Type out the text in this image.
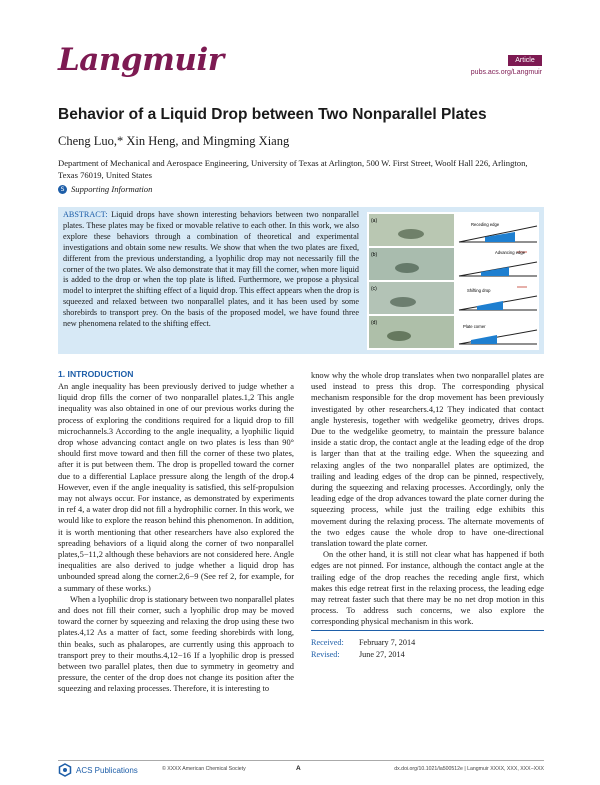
Langmuir	Article
pubs.acs.org/Langmuir
Behavior of a Liquid Drop between Two Nonparallel Plates
Cheng Luo,* Xin Heng, and Mingming Xiang
Department of Mechanical and Aerospace Engineering, University of Texas at Arlington, 500 W. First Street, Woolf Hall 226, Arlington, Texas 76019, United States
S Supporting Information
ABSTRACT: Liquid drops have shown interesting behaviors between two nonparallel plates. These plates may be fixed or movable relative to each other. In this work, we also explore these behaviors through a combination of theoretical and experimental investigations and obtain some new results. We show that when the two plates are fixed, different from the previous understanding, a lyophilic drop may not necessarily fill the corner of the two plates. We also demonstrate that it may fill the corner, when more liquid is added to the drop or when the top plate is lifted. Furthermore, we propose a physical model to interpret the shifting effect of a liquid drop. This effect appears when the drop is squeezed and relaxed between two nonparallel plates, and it has been used by some shorebirds to transport prey. On the basis of the proposed model, we have found three new phenomena related to the shifting effect.
(a)
(b)
(c)
(d)
Receding edge
Advancing edge
Shifting drop
Plate corner
1. INTRODUCTION

An angle inequality has been previously derived to judge whether a liquid drop fills the corner of two nonparallel plates.1,2 This angle inequality was also obtained in one of our previous works during the process of exploring the conditions required for a liquid drop to fill microchannels.3 According to the angle inequality, a lyophilic liquid drop whose advancing contact angle on two plates is less than 90° should first move toward and then fill the corner of these two plates, after it is put between them. The drop is propelled toward the corner due to a differential Laplace pressure along the length of the drop.4 However, even if the angle inequality is satisfied, this self-propulsion may not always occur. For instance, as demonstrated by experiments in ref 4, a water drop did not fill a hydrophilic corner. In this work, we would like to explore the reason behind this phenomenon. In addition, it is worth mentioning that other researchers have also explored the spreading behaviors of a liquid along the corner of two nonparallel plates,5−11,2 although these behaviors are not considered here. Angle inequalities are also derived to judge whether a liquid drop has unbounded spread along the corner.2,6−9 (See ref 2, for example, for a summary of these works.)

When a lyophilic drop is stationary between two nonparallel plates and does not fill their corner, such a lyophilic drop may be moved toward the corner by squeezing and relaxing the drop using these two plates.4,12 As a matter of fact, some feeding shorebirds with long, thin beaks, such as phalaropes, are currently using this approach to transport prey to their mouths.4,12−16 If a lyophilic drop is pressed between two parallel plates, then due to symmetry in geometry and pressure, the center of the drop does not change its position after the squeezing and relaxing processes. Therefore, it is interesting to

know why the whole drop translates when two nonparallel plates are used instead to press this drop. The corresponding physical mechanism responsible for the drop movement has been previously investigated by other researchers.4,12 They indicated that contact angle hysteresis, together with wedgelike geometry, drives drops. Due to the wedgelike geometry, to maintain the pressure balance inside a static drop, the contact angle at the leading edge of the drop is larger than that at the trailing edge. When the squeezing and relaxing angles of the two nonparallel plates are optimized, the trailing and leading edges of the drop can be pinned, respectively, during the squeezing and relaxing processes. Accordingly, only the leading edge of the drop advances toward the plate corner during the squeezing process, while just the trailing edge exhibits this movement during the relaxing process. The alternate movements of the two edges cause the whole drop to have one-directional translation toward the plate corner.

On the other hand, it is still not clear what has happened if both edges are not pinned. For instance, although the contact angle at the trailing edge of the drop reaches the receding angle first, which makes this edge retreat first in the relaxing process, the leading edge may retreat faster such that there may be no net drop motion in this process. To address such concerns, we also explore the corresponding physical mechanism in this work.

Received: February 7, 2014
Revised: June 27, 2014
ACS Publications	© XXXX American Chemical Society	A	dx.doi.org/10.1021/la500512e | Langmuir XXXX, XXX, XXX−XXX
